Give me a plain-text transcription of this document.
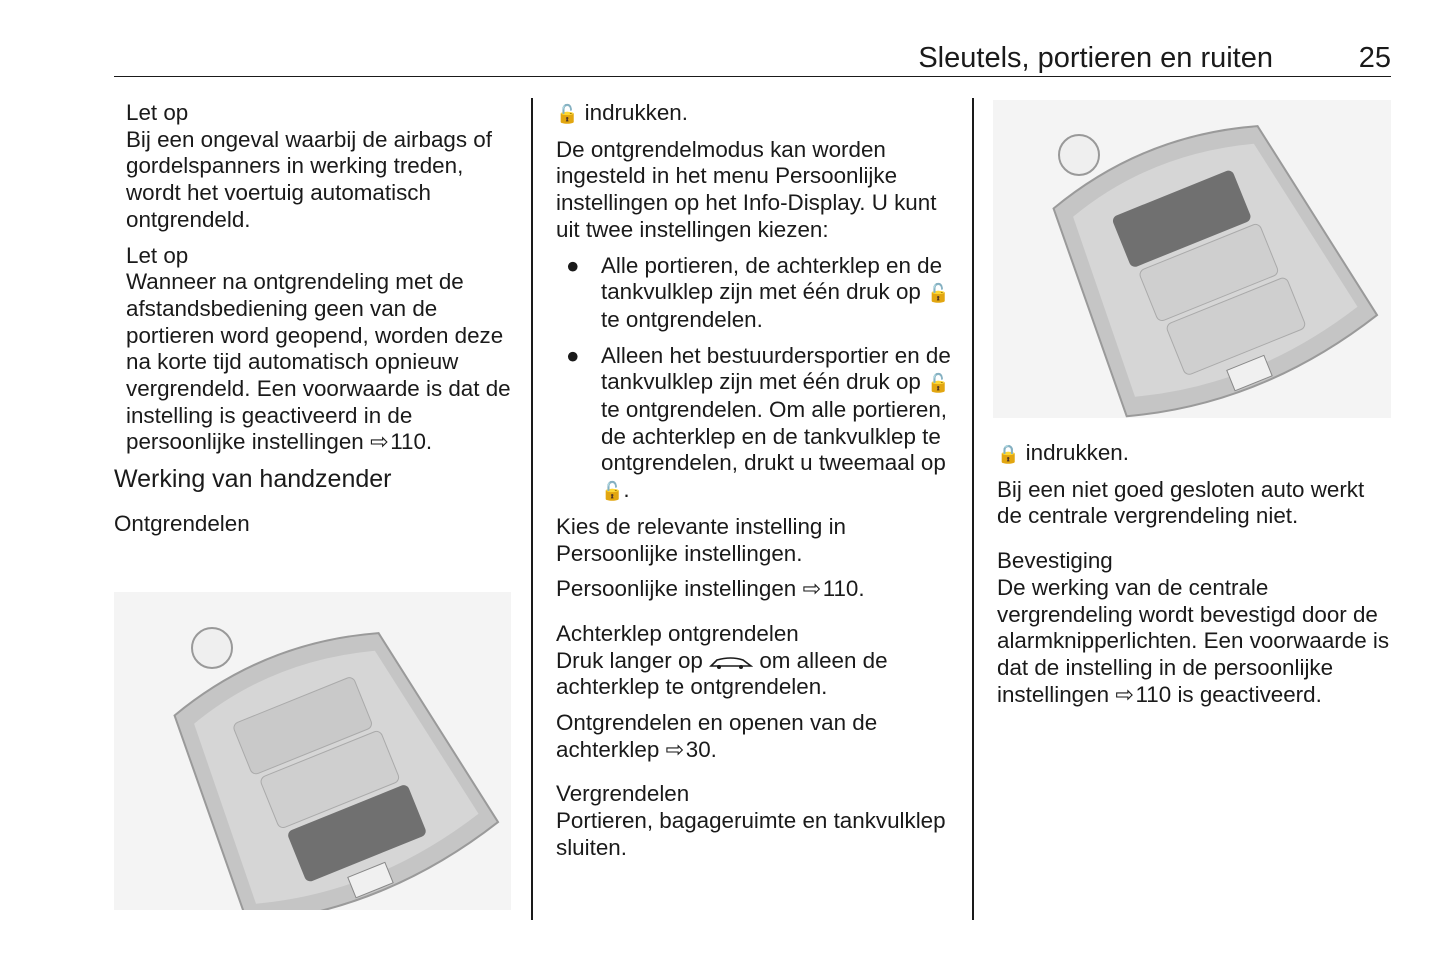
Sleutels, portieren en ruiten	25
Let op

Bij een ongeval waarbij de airbags of gordelspanners in werking treden, wordt het voertuig automatisch ontgrendeld.

Let op

Wanneer na ontgrendeling met de afstandsbediening geen van de portieren word geopend, worden deze na korte tijd automatisch opnieuw vergrendeld. Een voorwaarde is dat de instelling is geactiveerd in de persoonlijke instellingen ⇨ 110.

Werking van handzender
Ontgrendelen

🔓 indrukken.

De ontgrendelmodus kan worden ingesteld in het menu Persoonlijke instellingen op het Info-Display. U kunt uit twee instellingen kiezen:

● Alle portieren, de achterklep en de tankvulklep zijn met één druk op 🔓 te ontgrendelen.
● Alleen het bestuurdersportier en de tankvulklep zijn met één druk op 🔓 te ontgrendelen. Om alle portieren, de achterklep en de tankvulklep te ontgrendelen, drukt u tweemaal op 🔓.

Kies de relevante instelling in Persoonlijke instellingen.

Persoonlijke instellingen ⇨ 110.

Achterklep ontgrendelen

Druk langer op	om alleen de achterklep te ontgrendelen.

Ontgrendelen en openen van de achterklep ⇨ 30.

Vergrendelen

Portieren, bagageruimte en tankvulklep sluiten.

🔒 indrukken.

Bij een niet goed gesloten auto werkt de centrale vergrendeling niet.

Bevestiging

De werking van de centrale vergrendeling wordt bevestigd door de alarmknipperlichten. Een voorwaarde is dat de instelling in de persoonlijke instellingen ⇨ 110 is geactiveerd.
